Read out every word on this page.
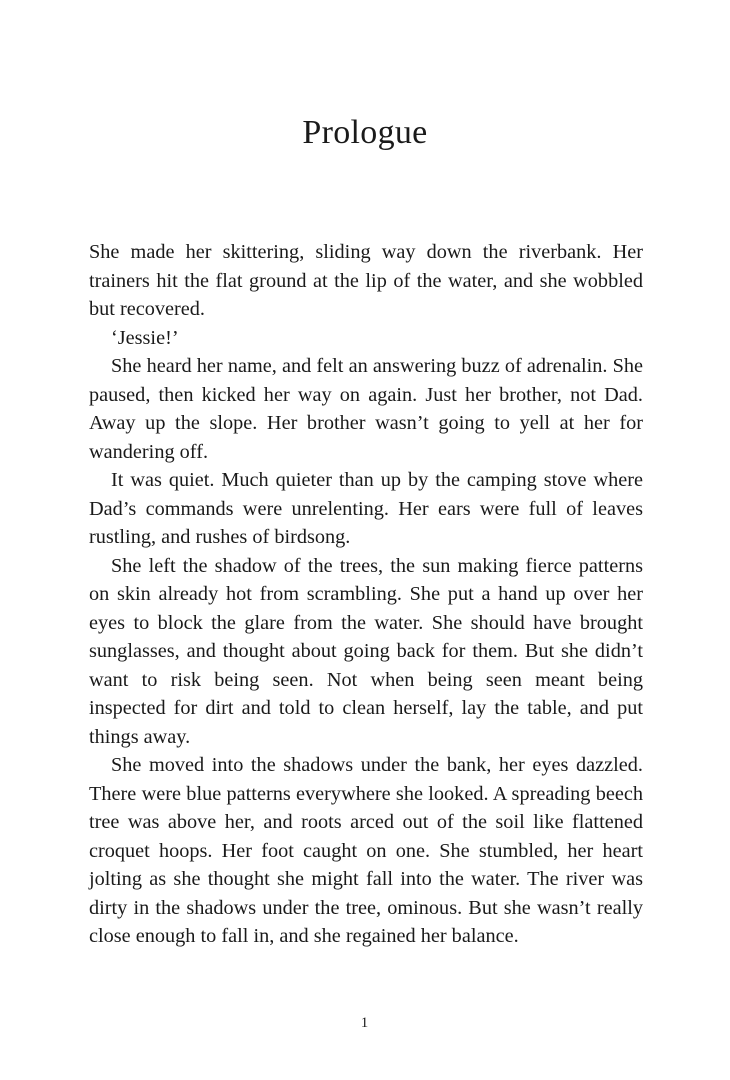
Prologue

She made her skittering, sliding way down the riverbank. Her trainers hit the flat ground at the lip of the water, and she wobbled but recovered.

‘Jessie!’

She heard her name, and felt an answering buzz of adrenalin. She paused, then kicked her way on again. Just her brother, not Dad. Away up the slope. Her brother wasn’t going to yell at her for wandering off.

It was quiet. Much quieter than up by the camping stove where Dad’s commands were unrelenting. Her ears were full of leaves rustling, and rushes of birdsong.

She left the shadow of the trees, the sun making fierce patterns on skin already hot from scrambling. She put a hand up over her eyes to block the glare from the water. She should have brought sunglasses, and thought about going back for them. But she didn’t want to risk being seen. Not when being seen meant being inspected for dirt and told to clean herself, lay the table, and put things away.

She moved into the shadows under the bank, her eyes dazzled. There were blue patterns everywhere she looked. A spreading beech tree was above her, and roots arced out of the soil like flattened croquet hoops. Her foot caught on one. She stumbled, her heart jolting as she thought she might fall into the water. The river was dirty in the shadows under the tree, ominous. But she wasn’t really close enough to fall in, and she regained her balance.

1
